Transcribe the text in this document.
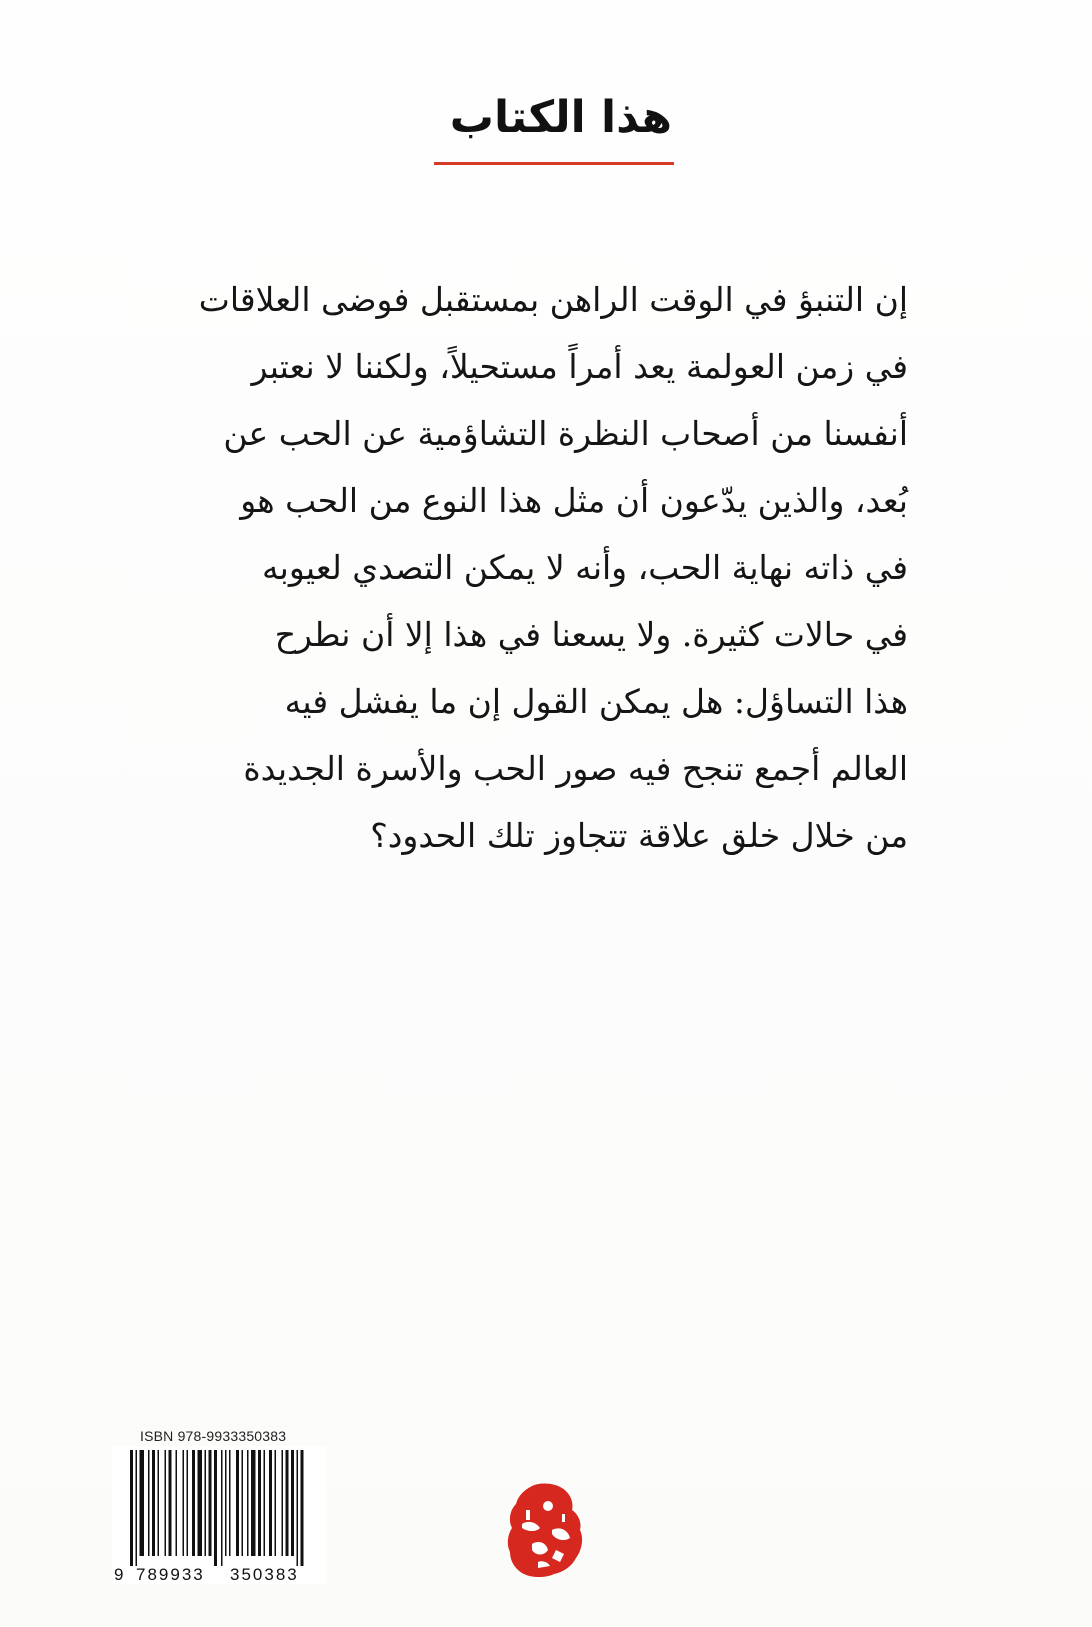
هذا الكتاب
إن التنبؤ في الوقت الراهن بمستقبل فوضى العلاقات
في زمن العولمة يعد أمراً مستحيلاً، ولكننا لا نعتبر
أنفسنا من أصحاب النظرة التشاؤمية عن الحب عن
بُعد، والذين يدّعون أن مثل هذا النوع من الحب هو
في ذاته نهاية الحب، وأنه لا يمكن التصدي لعيوبه
في حالات كثيرة. ولا يسعنا في هذا إلا أن نطرح
هذا التساؤل: هل يمكن القول إن ما يفشل فيه
العالم أجمع تنجح فيه صور الحب والأسرة الجديدة
من خلال خلق علاقة تتجاوز تلك الحدود؟
ISBN 978-9933350383
9 789933 350383
